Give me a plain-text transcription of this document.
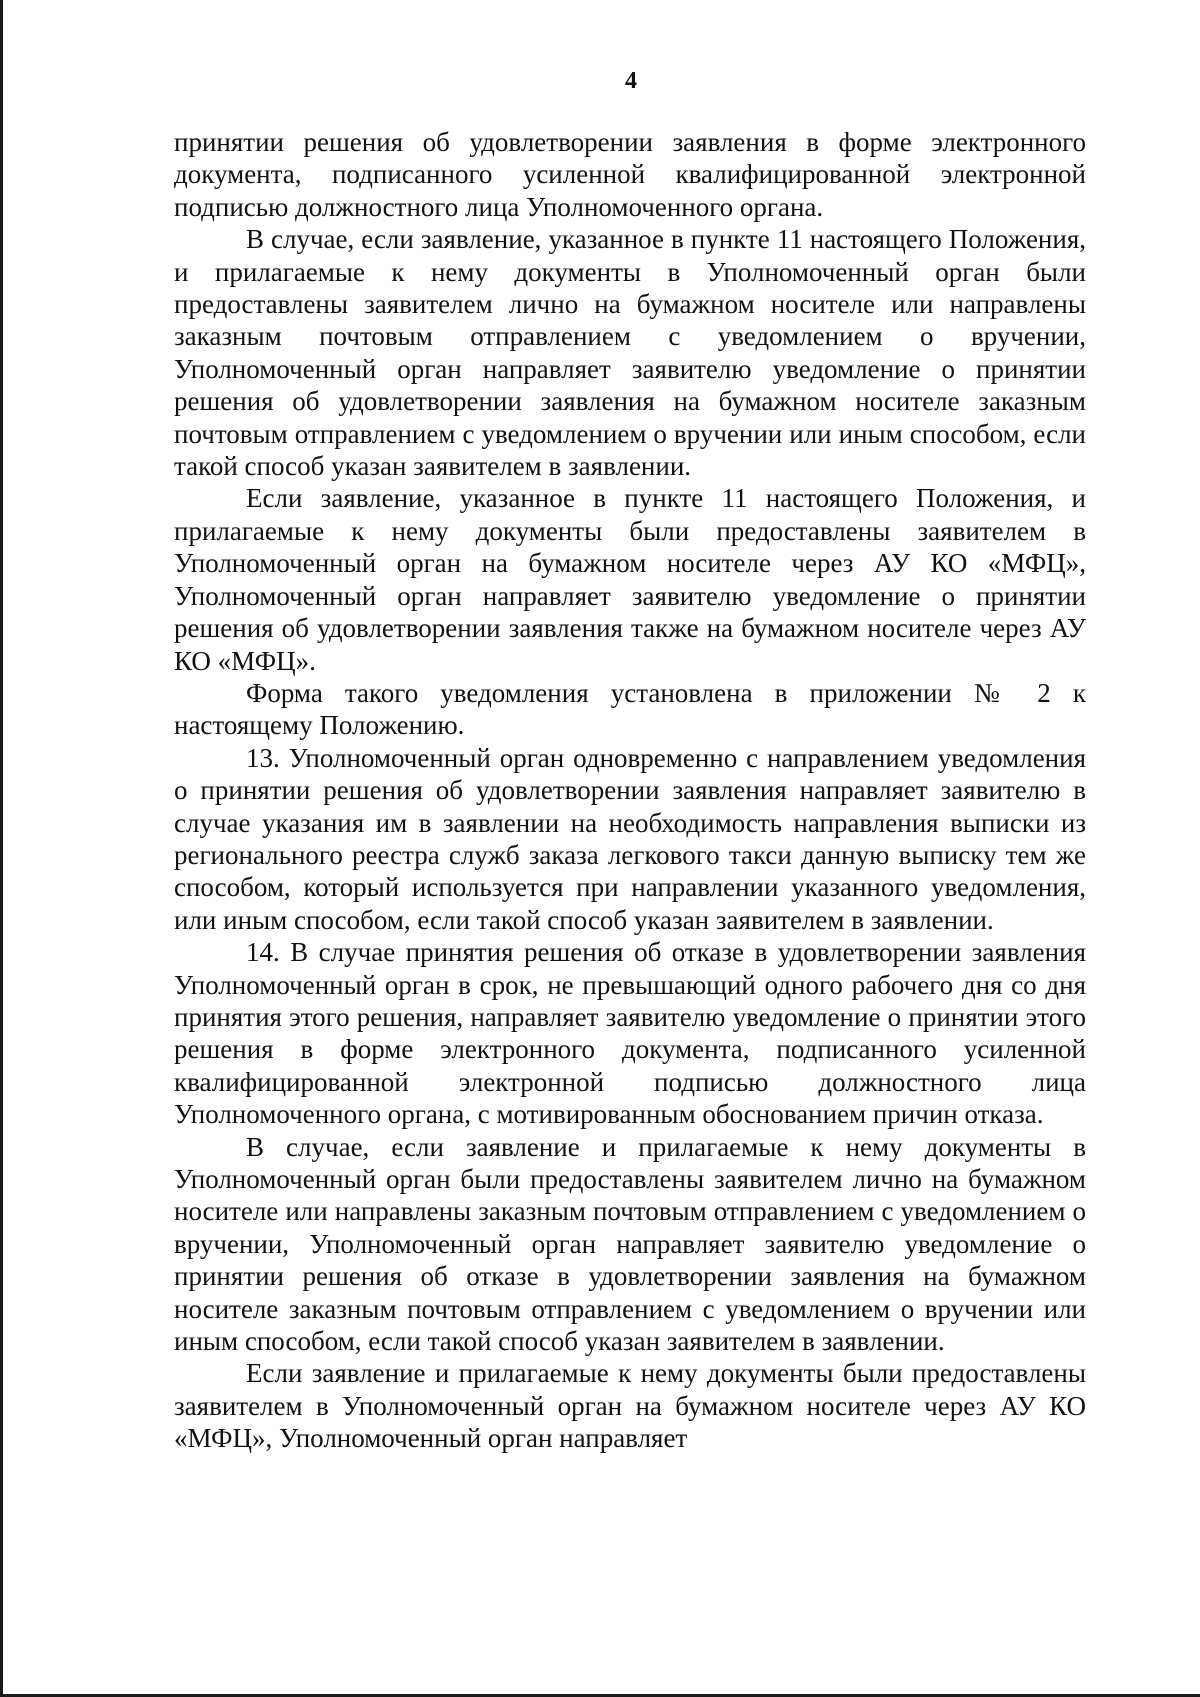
4

принятии решения об удовлетворении заявления в форме электронного документа, подписанного усиленной квалифицированной электронной подписью должностного лица Уполномоченного органа.

В случае, если заявление, указанное в пункте 11 настоящего Положения, и прилагаемые к нему документы в Уполномоченный орган были предоставлены заявителем лично на бумажном носителе или направлены заказным почтовым отправлением с уведомлением о вручении, Уполномоченный орган направляет заявителю уведомление о принятии решения об удовлетворении заявления на бумажном носителе заказным почтовым отправлением с уведомлением о вручении или иным способом, если такой способ указан заявителем в заявлении.

Если заявление, указанное в пункте 11 настоящего Положения, и прилагаемые к нему документы были предоставлены заявителем в Уполномоченный орган на бумажном носителе через АУ КО «МФЦ», Уполномоченный орган направляет заявителю уведомление о принятии решения об удовлетворении заявления также на бумажном носителе через АУ КО «МФЦ».

Форма такого уведомления установлена в приложении № 2 к настоящему Положению.

13. Уполномоченный орган одновременно с направлением уведомления о принятии решения об удовлетворении заявления направляет заявителю в случае указания им в заявлении на необходимость направления выписки из регионального реестра служб заказа легкового такси данную выписку тем же способом, который используется при направлении указанного уведомления, или иным способом, если такой способ указан заявителем в заявлении.

14. В случае принятия решения об отказе в удовлетворении заявления Уполномоченный орган в срок, не превышающий одного рабочего дня со дня принятия этого решения, направляет заявителю уведомление о принятии этого решения в форме электронного документа, подписанного усиленной квалифицированной электронной подписью должностного лица Уполномоченного органа, с мотивированным обоснованием причин отказа.

В случае, если заявление и прилагаемые к нему документы в Уполномоченный орган были предоставлены заявителем лично на бумажном носителе или направлены заказным почтовым отправлением с уведомлением о вручении, Уполномоченный орган направляет заявителю уведомление о принятии решения об отказе в удовлетворении заявления на бумажном носителе заказным почтовым отправлением с уведомлением о вручении или иным способом, если такой способ указан заявителем в заявлении.

Если заявление и прилагаемые к нему документы были предоставлены заявителем в Уполномоченный орган на бумажном носителе через АУ КО «МФЦ», Уполномоченный орган направляет
